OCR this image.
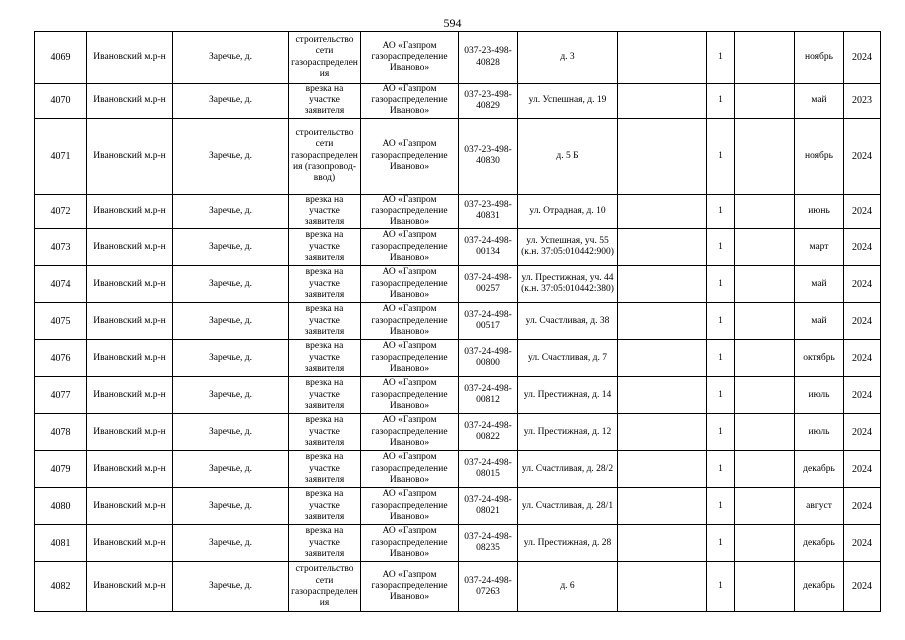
594
4069	Ивановский м.р-н	Заречье, д.	строительство сети газораспределения	АО «Газпром газораспределение Иваново»	037-23-498-40828	д. 3		1		ноябрь	2024
4070	Ивановский м.р-н	Заречье, д.	врезка на участке заявителя	АО «Газпром газораспределение Иваново»	037-23-498-40829	ул. Успешная, д. 19		1		май	2023
4071	Ивановский м.р-н	Заречье, д.	строительство сети газораспределения (газопровод-ввод)	АО «Газпром газораспределение Иваново»	037-23-498-40830	д. 5 Б		1		ноябрь	2024
4072	Ивановский м.р-н	Заречье, д.	врезка на участке заявителя	АО «Газпром газораспределение Иваново»	037-23-498-40831	ул. Отрадная, д. 10		1		июнь	2024
4073	Ивановский м.р-н	Заречье, д.	врезка на участке заявителя	АО «Газпром газораспределение Иваново»	037-24-498-00134	ул. Успешная, уч. 55 (к.н. 37:05:010442:900)		1		март	2024
4074	Ивановский м.р-н	Заречье, д.	врезка на участке заявителя	АО «Газпром газораспределение Иваново»	037-24-498-00257	ул. Престижная, уч. 44 (к.н. 37:05:010442:380)		1		май	2024
4075	Ивановский м.р-н	Заречье, д.	врезка на участке заявителя	АО «Газпром газораспределение Иваново»	037-24-498-00517	ул. Счастливая, д. 38		1		май	2024
4076	Ивановский м.р-н	Заречье, д.	врезка на участке заявителя	АО «Газпром газораспределение Иваново»	037-24-498-00800	ул. Счастливая, д. 7		1		октябрь	2024
4077	Ивановский м.р-н	Заречье, д.	врезка на участке заявителя	АО «Газпром газораспределение Иваново»	037-24-498-00812	ул. Престижная, д. 14		1		июль	2024
4078	Ивановский м.р-н	Заречье, д.	врезка на участке заявителя	АО «Газпром газораспределение Иваново»	037-24-498-00822	ул. Престижная, д. 12		1		июль	2024
4079	Ивановский м.р-н	Заречье, д.	врезка на участке заявителя	АО «Газпром газораспределение Иваново»	037-24-498-08015	ул. Счастливая, д. 28/2		1		декабрь	2024
4080	Ивановский м.р-н	Заречье, д.	врезка на участке заявителя	АО «Газпром газораспределение Иваново»	037-24-498-08021	ул. Счастливая, д. 28/1		1		август	2024
4081	Ивановский м.р-н	Заречье, д.	врезка на участке заявителя	АО «Газпром газораспределение Иваново»	037-24-498-08235	ул. Престижная, д. 28		1		декабрь	2024
4082	Ивановский м.р-н	Заречье, д.	строительство сети газораспределения	АО «Газпром газораспределение Иваново»	037-24-498-07263	д. 6		1		декабрь	2024
